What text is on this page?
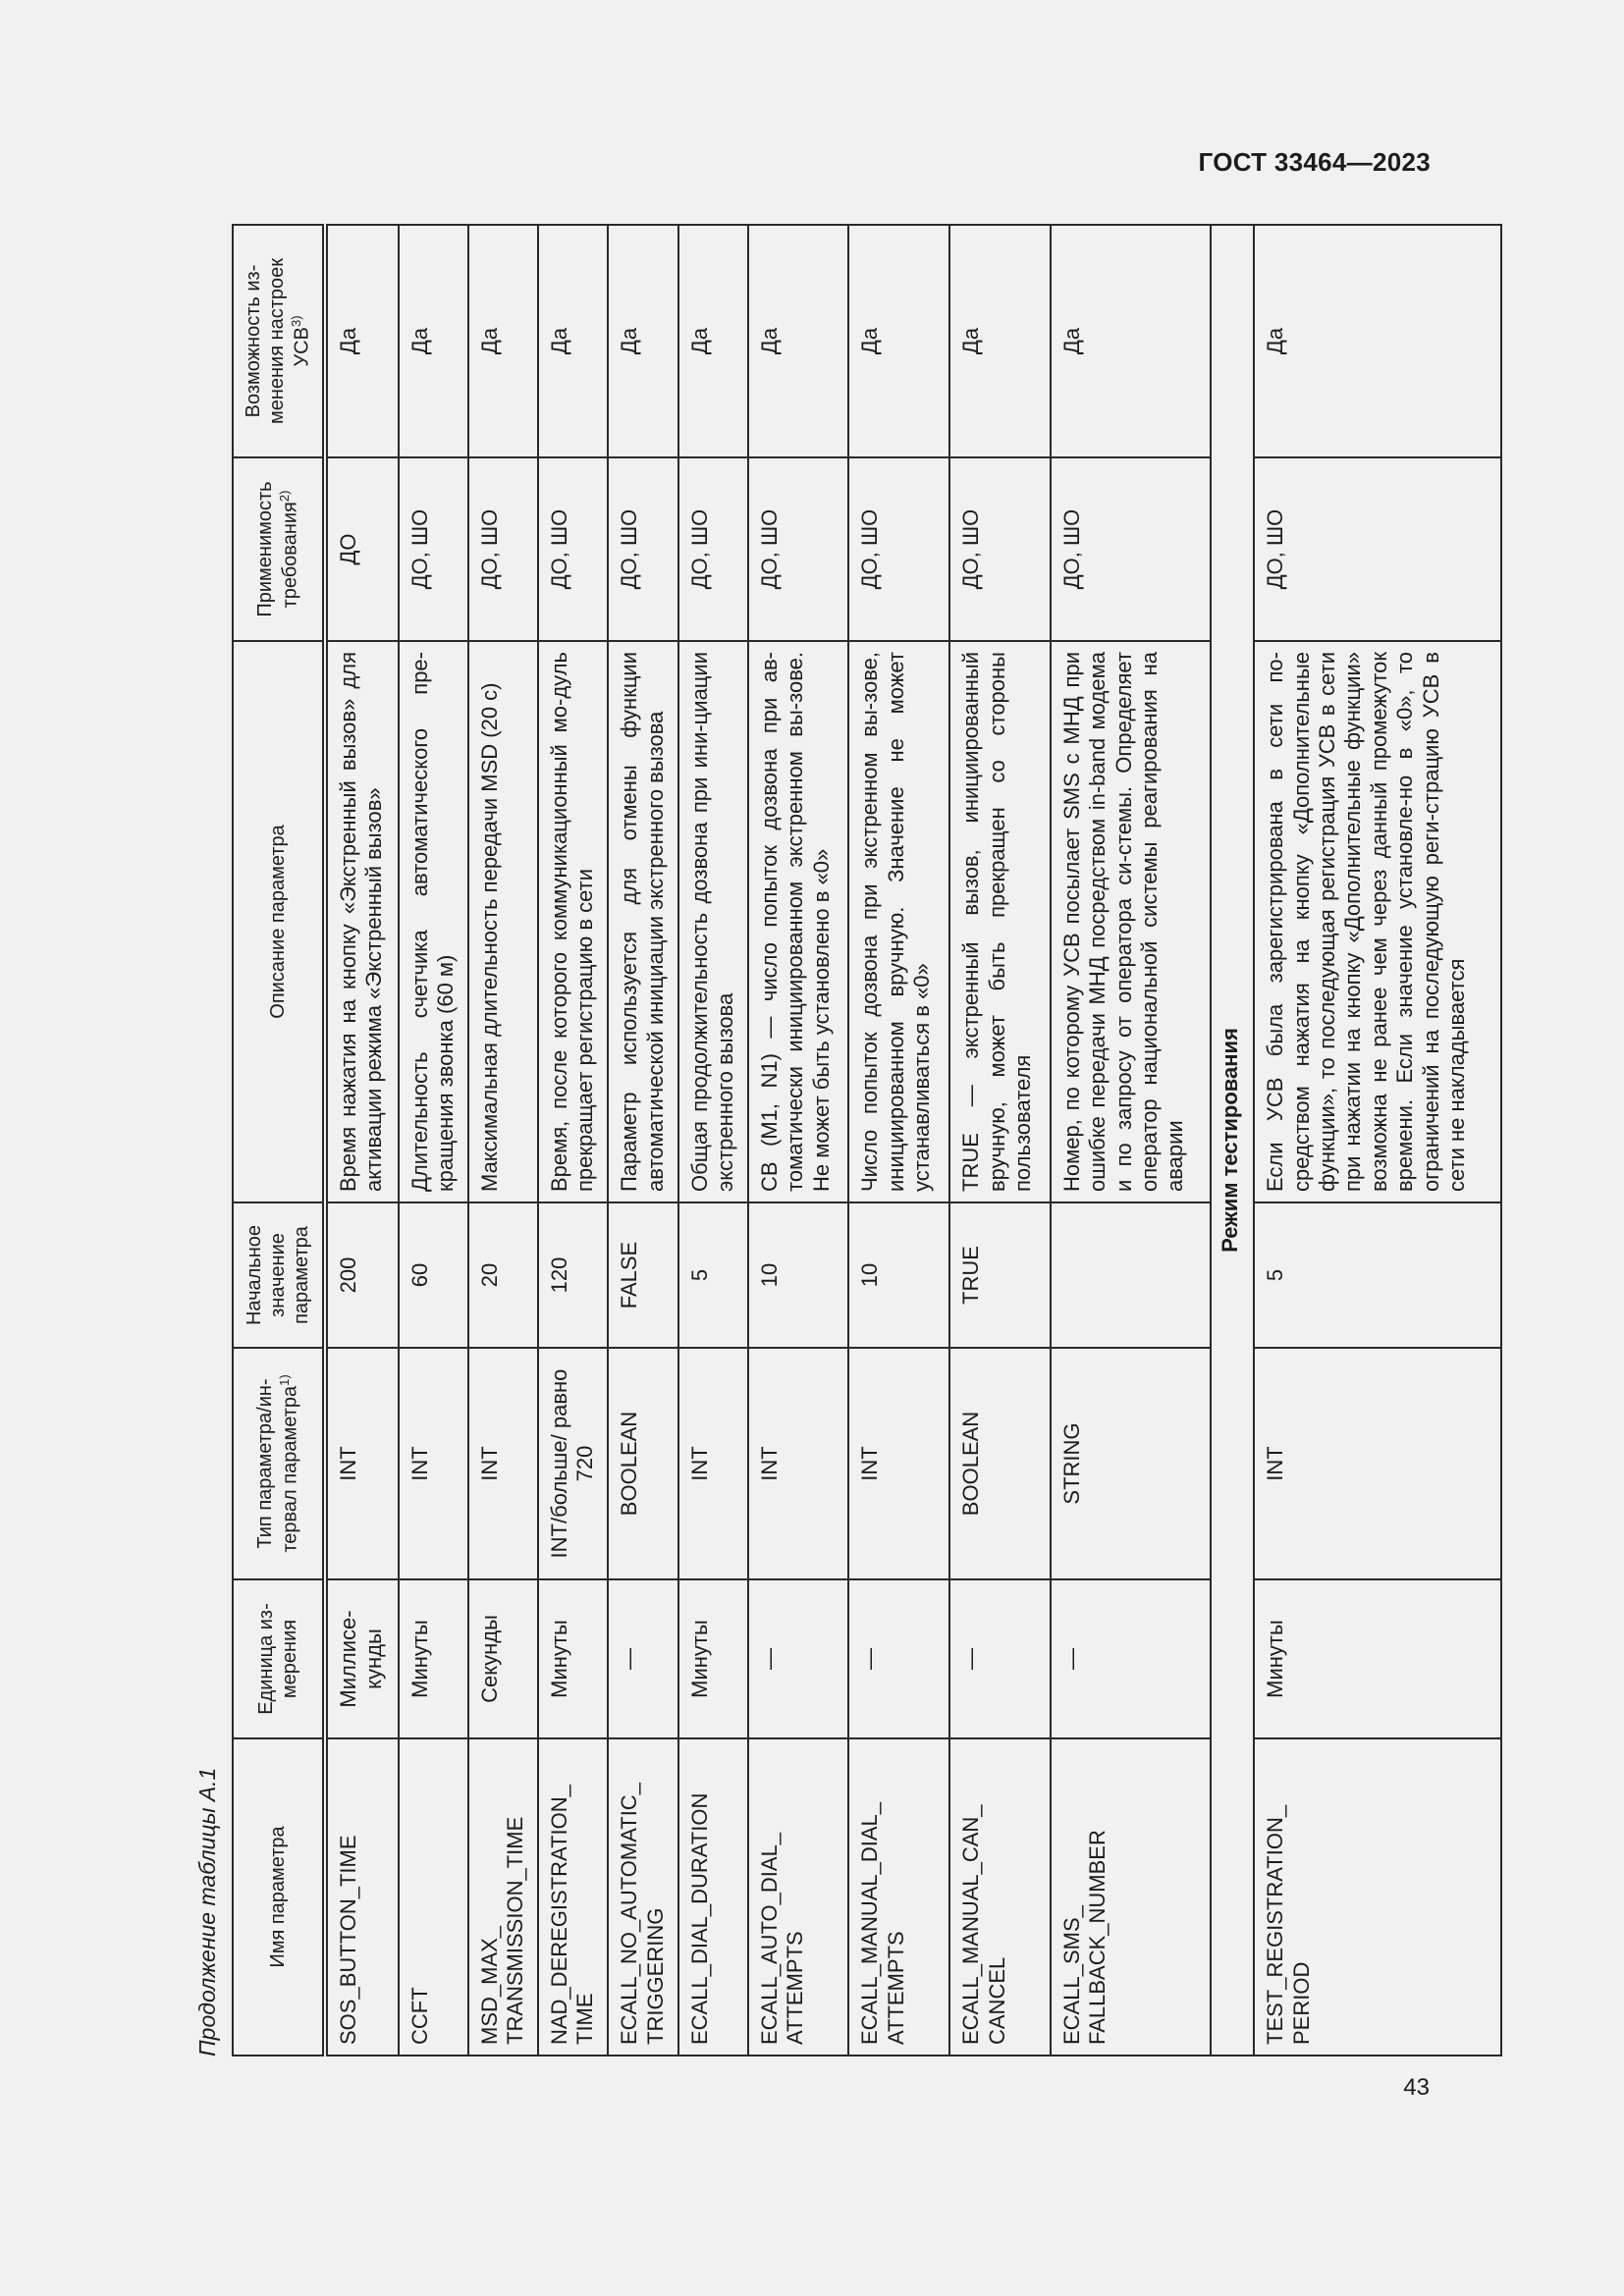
ГОСТ 33464—2023
Продолжение таблицы А.1 Имя параметра	Единица из-мерения	Тип параметра/ин-тервал параметра$^{1)}$	Начальное значение параметра	Описание параметра	Применимость требования$^{2)}$	Возможность из-менения настроек УСВ$^{3)}$
SOS_BUTTON_TIME	Миллисе-кунды	INT	200	Время нажатия на кнопку «Экстренный вызов» для активации режима «Экстренный вызов»	ДО	Да
CCFT	Минуты	INT	60	Длительность счетчика автоматического пре-кращения звонка (60 м)	ДО, ШО	Да
MSD_MAX_ TRANSMISSION_TIME	Секунды	INT	20	Максимальная длительность передачи MSD (20 с)	ДО, ШО	Да
NAD_DEREGISTRATION_ TIME	Минуты	INT/больше/ равно 720	120	Время, после которого коммуникационный мо-дуль прекращает регистрацию в сети	ДО, ШО	Да
ECALL_NO_AUTOMATIC_ TRIGGERING	—	BOOLEAN	FALSE	Параметр используется для отмены функции автоматической инициации экстренного вызова	ДО, ШО	Да
ECALL_DIAL_DURATION	Минуты	INT	5	Общая продолжительность дозвона при ини-циации экстренного вызова	ДО, ШО	Да
ECALL_AUTO_DIAL_ ATTEMPTS	—	INT	10	СВ (M1, N1) — число попыток дозвона при ав-томатически инициированном экстренном вы-зове. Не может быть установлено в «0»	ДО, ШО	Да
ECALL_MANUAL_DIAL_ ATTEMPTS	—	INT	10	Число попыток дозвона при экстренном вы-зове, инициированном вручную. Значение не может устанавливаться в «0»	ДО, ШО	Да
ECALL_MANUAL_CAN_ CANCEL	—	BOOLEAN	TRUE	TRUE — экстренный вызов, инициированный вручную, может быть прекращен со стороны пользователя	ДО, ШО	Да
ECALL_SMS_ FALLBACK_NUMBER	—	STRING		Номер, по которому УСВ посылает SMS с МНД при ошибке передачи МНД посредством in-band модема и по запросу от оператора си-стемы. Определяет оператор национальной системы реагирования на аварии	ДО, ШО	Да
Режим тестирования						
TEST_REGISTRATION_ PERIOD	Минуты	INT	5	Если УСВ была зарегистрирована в сети по-средством нажатия на кнопку «Дополнительные функции», то последующая регистрация УСВ в сети при нажатии на кнопку «Дополнительные функции» возможна не ранее чем через данный промежуток времени. Если значение установле-но в «0», то ограничений на последующую реги-страцию УСВ в сети не накладывается	ДО, ШО	Да
43
